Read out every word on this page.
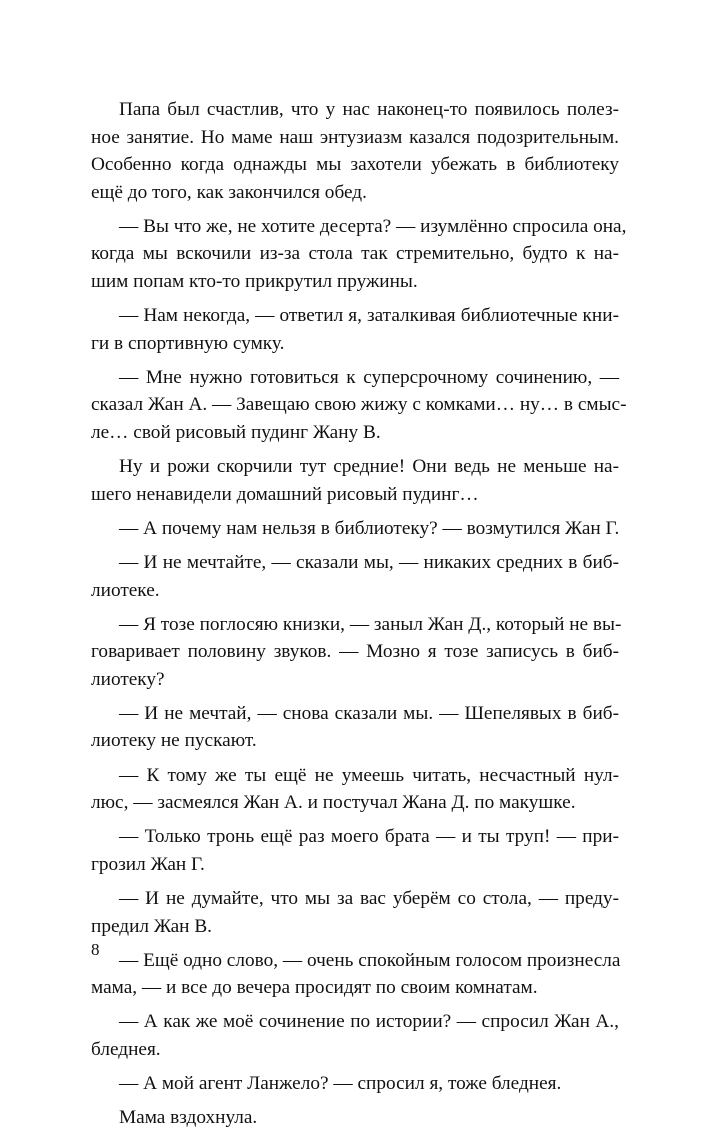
Папа был счастлив, что у нас наконец-то появилось полез-
ное занятие. Но маме наш энтузиазм казался подозрительным.
Особенно когда однажды мы захотели убежать в библиотеку
ещё до того, как закончился обед.
— Вы что же, не хотите десерта? — изумлённо спросила она,
когда мы вскочили из-за стола так стремительно, будто к на-
шим попам кто-то прикрутил пружины.
— Нам некогда, — ответил я, заталкивая библиотечные кни-
ги в спортивную сумку.
— Мне нужно готовиться к суперсрочному сочинению, —
сказал Жан А. — Завещаю свою жижу с комками… ну… в смыс-
ле… свой рисовый пудинг Жану В.
Ну и рожи скорчили тут средние! Они ведь не меньше на-
шего ненавидели домашний рисовый пудинг…
— А почему нам нельзя в библиотеку? — возмутился Жан Г.
— И не мечтайте, — сказали мы, — никаких средних в биб-
лиотеке.
— Я тозе поглосяю книзки, — заныл Жан Д., который не вы-
говаривает половину звуков. — Мозно я тозе записусь в биб-
лиотеку?
— И не мечтай, — снова сказали мы. — Шепелявых в биб-
лиотеку не пускают.
— К тому же ты ещё не умеешь читать, несчастный нул-
люс, — засмеялся Жан А. и постучал Жана Д. по макушке.
— Только тронь ещё раз моего брата — и ты труп! — при-
грозил Жан Г.
— И не думайте, что мы за вас уберём со стола, — преду-
предил Жан В.
— Ещё одно слово, — очень спокойным голосом произнесла
мама, — и все до вечера просидят по своим комнатам.
— А как же моё сочинение по истории? — спросил Жан А.,
бледнея.
— А мой агент Ланжело? — спросил я, тоже бледнея.
Мама вздохнула.
8
